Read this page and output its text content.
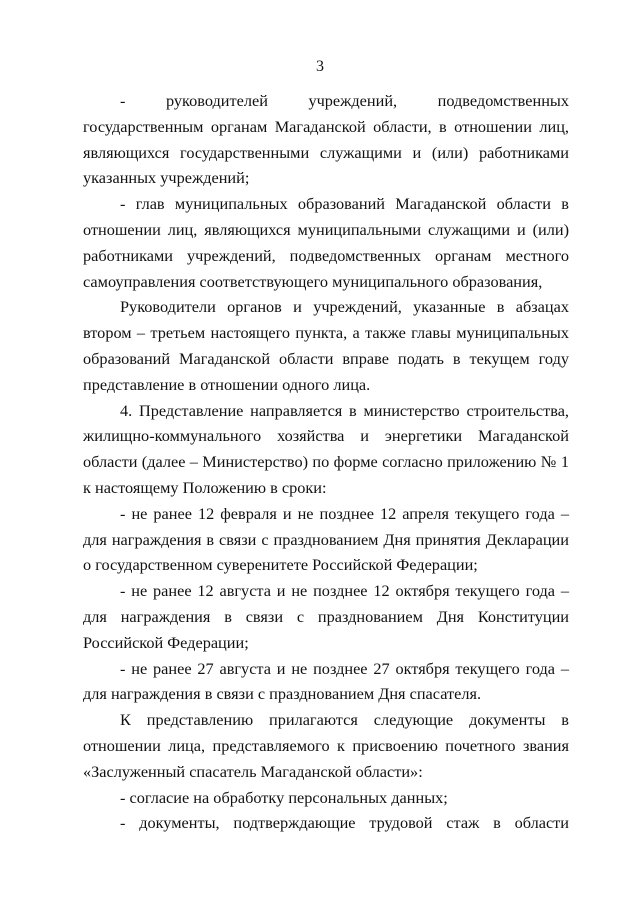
3

- руководителей учреждений, подведомственных государственным органам Магаданской области, в отношении лиц, являющихся государственными служащими и (или) работниками указанных учреждений;

- глав муниципальных образований Магаданской области в отношении лиц, являющихся муниципальными служащими и (или) работниками учреждений, подведомственных органам местного самоуправления соответствующего муниципального образования,

Руководители органов и учреждений, указанные в абзацах втором – третьем настоящего пункта, а также главы муниципальных образований Магаданской области вправе подать в текущем году представление в отношении одного лица.

4. Представление направляется в министерство строительства, жилищно-коммунального хозяйства и энергетики Магаданской области (далее – Министерство) по форме согласно приложению № 1 к настоящему Положению в сроки:

- не ранее 12 февраля и не позднее 12 апреля текущего года – для награждения в связи с празднованием Дня принятия Декларации о государственном суверенитете Российской Федерации;

- не ранее 12 августа и не позднее 12 октября текущего года – для награждения в связи с празднованием Дня Конституции Российской Федерации;

- не ранее 27 августа и не позднее 27 октября текущего года – для награждения в связи с празднованием Дня спасателя.

К представлению прилагаются следующие документы в отношении лица, представляемого к присвоению почетного звания «Заслуженный спасатель Магаданской области»:

- согласие на обработку персональных данных;

- документы, подтверждающие трудовой стаж в области
